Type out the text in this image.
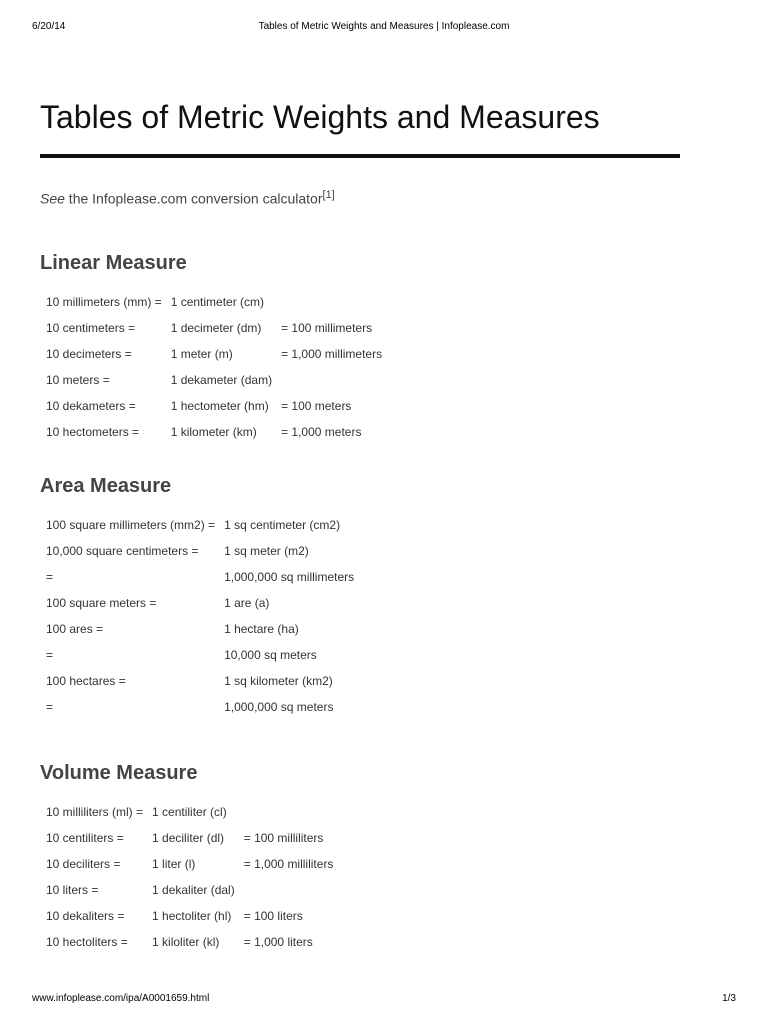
6/20/14	Tables of Metric Weights and Measures | Infoplease.com
Tables of Metric Weights and Measures
See the Infoplease.com conversion calculator[1]
Linear Measure
10 millimeters (mm) =	1 centimeter (cm)	
10 centimeters =	1 decimeter (dm)	= 100 millimeters
10 decimeters =	1 meter (m)	= 1,000 millimeters
10 meters =	1 dekameter (dam)	
10 dekameters =	1 hectometer (hm)	= 100 meters
10 hectometers =	1 kilometer (km)	= 1,000 meters
Area Measure
100 square millimeters (mm2) =	1 sq centimeter (cm2)	
10,000 square centimeters =	1 sq meter (m2)	
=	1,000,000 sq millimeters	
100 square meters =	1 are (a)	
100 ares =	1 hectare (ha)	
=	10,000 sq meters	
100 hectares =	1 sq kilometer (km2)	
=	1,000,000 sq meters	
Volume Measure
10 milliliters (ml) =	1 centiliter (cl)	
10 centiliters =	1 deciliter (dl)	= 100 milliliters
10 deciliters =	1 liter (l)	= 1,000 milliliters
10 liters =	1 dekaliter (dal)	
10 dekaliters =	1 hectoliter (hl)	= 100 liters
10 hectoliters =	1 kiloliter (kl)	= 1,000 liters
www.infoplease.com/ipa/A0001659.html	1/3
